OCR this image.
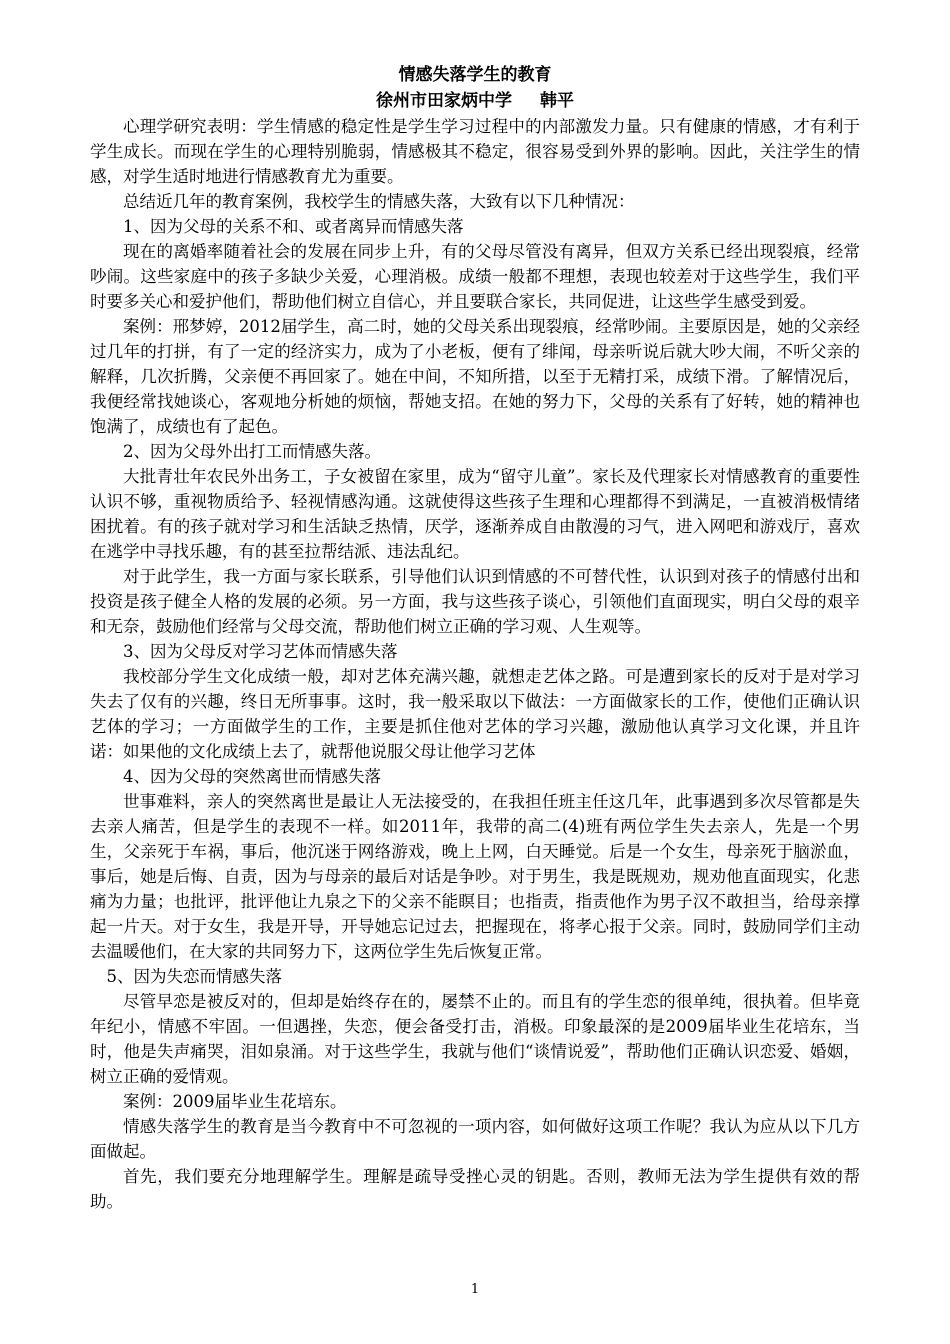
情感失落学生的教育
徐州市田家炳中学 韩平

心理学研究表明：学生情感的稳定性是学生学习过程中的内部激发力量。只有健康的情感，才有利于学生成长。而现在学生的心理特别脆弱，情感极其不稳定，很容易受到外界的影响。因此，关注学生的情感，对学生适时地进行情感教育尤为重要。

总结近几年的教育案例，我校学生的情感失落，大致有以下几种情况：

1、因为父母的关系不和、或者离异而情感失落

现在的离婚率随着社会的发展在同步上升，有的父母尽管没有离异，但双方关系已经出现裂痕，经常吵闹。这些家庭中的孩子多缺少关爱，心理消极。成绩一般都不理想，表现也较差对于这些学生，我们平时要多关心和爱护他们，帮助他们树立自信心，并且要联合家长，共同促进，让这些学生感受到爱。

案例：邢梦婷，2012届学生，高二时，她的父母关系出现裂痕，经常吵闹。主要原因是，她的父亲经过几年的打拼，有了一定的经济实力，成为了小老板，便有了绯闻，母亲听说后就大吵大闹，不听父亲的解释，几次折腾，父亲便不再回家了。她在中间，不知所措，以至于无精打采，成绩下滑。了解情况后，我便经常找她谈心，客观地分析她的烦恼，帮她支招。在她的努力下，父母的关系有了好转，她的精神也饱满了，成绩也有了起色。

2、因为父母外出打工而情感失落。

大批青壮年农民外出务工，子女被留在家里，成为“留守儿童”。家长及代理家长对情感教育的重要性认识不够，重视物质给予、轻视情感沟通。这就使得这些孩子生理和心理都得不到满足，一直被消极情绪困扰着。有的孩子就对学习和生活缺乏热情，厌学，逐渐养成自由散漫的习气，进入网吧和游戏厅，喜欢在逃学中寻找乐趣，有的甚至拉帮结派、违法乱纪。

对于此学生，我一方面与家长联系，引导他们认识到情感的不可替代性，认识到对孩子的情感付出和投资是孩子健全人格的发展的必须。另一方面，我与这些孩子谈心，引领他们直面现实，明白父母的艰辛和无奈，鼓励他们经常与父母交流，帮助他们树立正确的学习观、人生观等。

3、因为父母反对学习艺体而情感失落

我校部分学生文化成绩一般，却对艺体充满兴趣，就想走艺体之路。可是遭到家长的反对于是对学习失去了仅有的兴趣，终日无所事事。这时，我一般采取以下做法：一方面做家长的工作，使他们正确认识艺体的学习；一方面做学生的工作，主要是抓住他对艺体的学习兴趣，激励他认真学习文化课，并且许诺：如果他的文化成绩上去了，就帮他说服父母让他学习艺体

4、因为父母的突然离世而情感失落

世事难料，亲人的突然离世是最让人无法接受的，在我担任班主任这几年，此事遇到多次尽管都是失去亲人痛苦，但是学生的表现不一样。如2011年，我带的高二(4)班有两位学生失去亲人，先是一个男生，父亲死于车祸，事后，他沉迷于网络游戏，晚上上网，白天睡觉。后是一个女生，母亲死于脑淤血，事后，她是后悔、自责，因为与母亲的最后对话是争吵。对于男生，我是既规劝，规劝他直面现实，化悲痛为力量；也批评，批评他让九泉之下的父亲不能瞑目；也指责，指责他作为男子汉不敢担当，给母亲撑起一片天。对于女生，我是开导，开导她忘记过去，把握现在，将孝心报于父亲。同时，鼓励同学们主动去温暖他们，在大家的共同努力下，这两位学生先后恢复正常。

5、因为失恋而情感失落

尽管早恋是被反对的，但却是始终存在的，屡禁不止的。而且有的学生恋的很单纯，很执着。但毕竟年纪小，情感不牢固。一但遇挫，失恋，便会备受打击，消极。印象最深的是2009届毕业生花培东，当时，他是失声痛哭，泪如泉涌。对于这些学生，我就与他们“谈情说爱”，帮助他们正确认识恋爱、婚姻，树立正确的爱情观。

案例：2009届毕业生花培东。

情感失落学生的教育是当今教育中不可忽视的一项内容，如何做好这项工作呢？我认为应从以下几方面做起。

首先，我们要充分地理解学生。理解是疏导受挫心灵的钥匙。否则，教师无法为学生提供有效的帮助。

1
